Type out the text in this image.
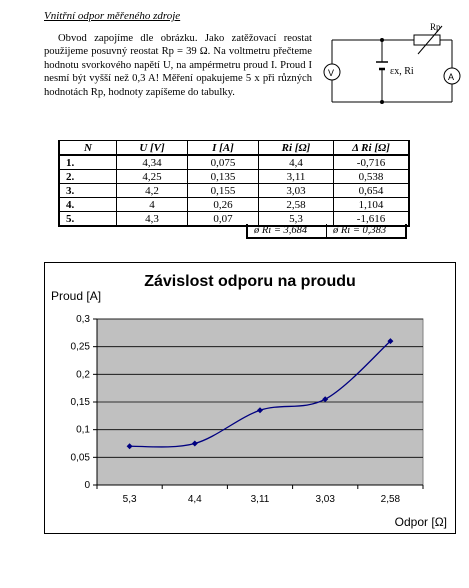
Vnitřní odpor měřeného zdroje
Obvod zapojíme dle obrázku. Jako zatěžovací reostat použijeme posuvný reostat Rp = 39 Ω. Na voltmetru přečteme hodnotu svorkového napětí U, na ampérmetru proud I. Proud I nesmí být vyšší než 0,3 A! Měření opakujeme 5 x při různých hodnotách Rp, hodnoty zapíšeme do tabulky.
Rp
εx, Ri
V	A
N	U [V]	I [A]	Ri [Ω]	Δ Ri [Ω]
1.	4,34	0,075	4,4	-0,716
2.	4,25	0,135	3,11	0,538
3.	4,2	0,155	3,03	0,654
4.	4	0,26	2,58	1,104
5.	4,3	0,07	5,3	-1,616
ø Ri = 3,684	ø Ri = 0,383
Závislost odporu na proudu
Proud [A]
Odpor [Ω]
0
0,05
0,1
0,15
0,2
0,25
0,3
5,3	4,4	3,11	3,03	2,58
